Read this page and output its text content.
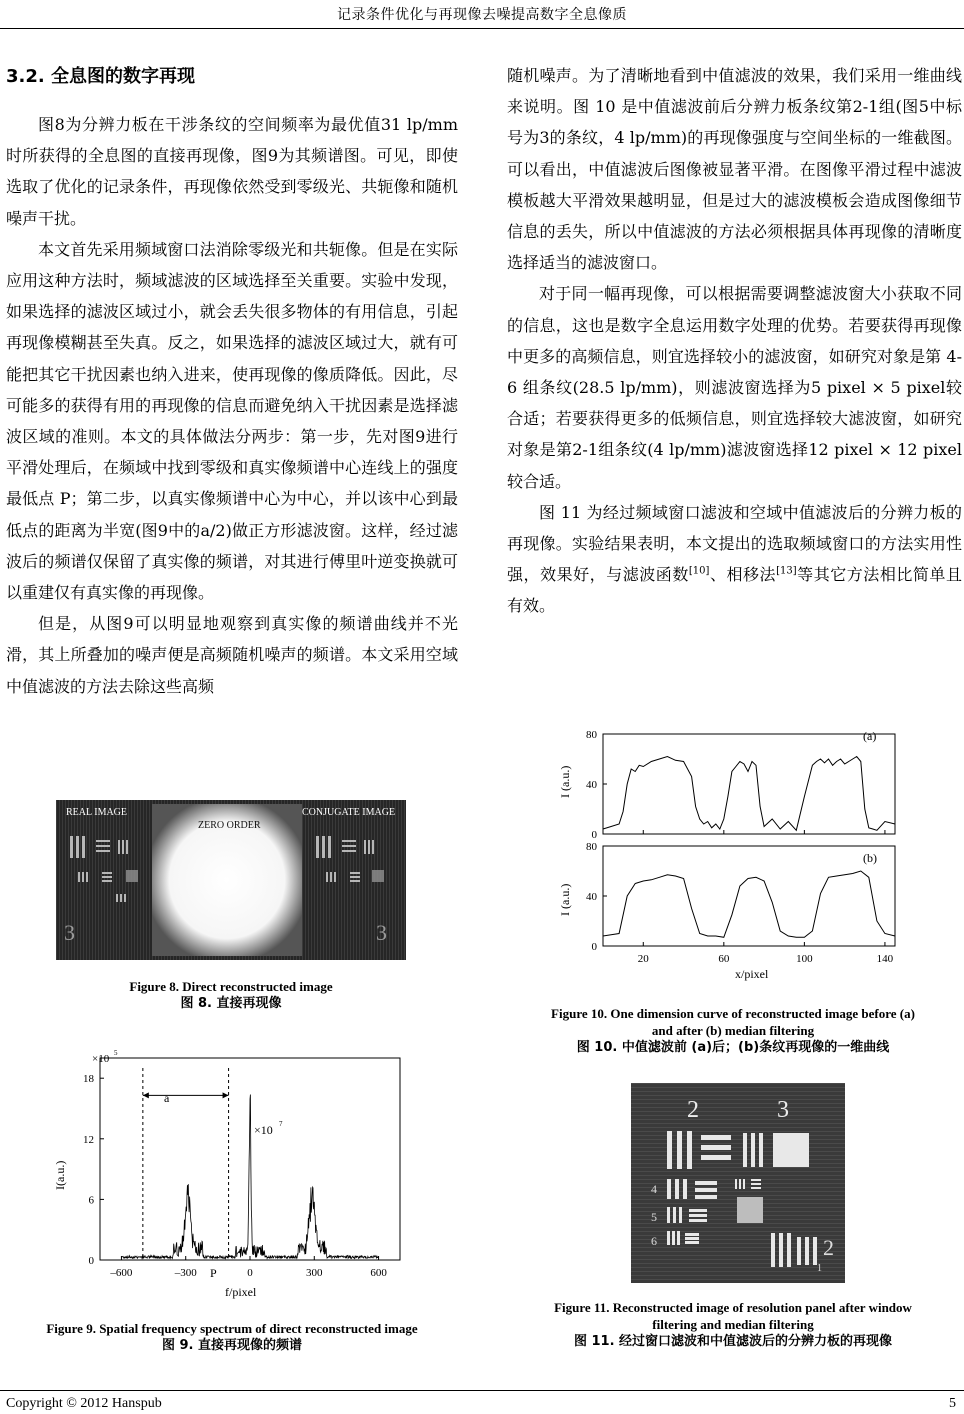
记录条件优化与再现像去噪提高数字全息像质
3.2. 全息图的数字再现

图8为分辨力板在干涉条纹的空间频率为最优值31 lp/mm时所获得的全息图的直接再现像，图9为其频谱图。可见，即使选取了优化的记录条件，再现像依然受到零级光、共轭像和随机噪声干扰。

本文首先采用频域窗口法消除零级光和共轭像。但是在实际应用这种方法时，频域滤波的区域选择至关重要。实验中发现，如果选择的滤波区域过小，就会丢失很多物体的有用信息，引起再现像模糊甚至失真。反之，如果选择的滤波区域过大，就有可能把其它干扰因素也纳入进来，使再现像的像质降低。因此，尽可能多的获得有用的再现像的信息而避免纳入干扰因素是选择滤波区域的准则。本文的具体做法分两步：第一步，先对图9进行平滑处理后，在频域中找到零级和真实像频谱中心连线上的强度最低点 P；第二步，以真实像频谱中心为中心，并以该中心到最低点的距离为半宽(图9中的a/2)做正方形滤波窗。这样，经过滤波后的频谱仅保留了真实像的频谱，对其进行傅里叶逆变换就可以重建仅有真实像的再现像。

但是，从图9可以明显地观察到真实像的频谱曲线并不光滑，其上所叠加的噪声便是高频随机噪声的频谱。本文采用空域中值滤波的方法去除这些高频

随机噪声。为了清晰地看到中值滤波的效果，我们采用一维曲线来说明。图 10 是中值滤波前后分辨力板条纹第2-1组(图5中标号为3的条纹，4 lp/mm)的再现像强度与空间坐标的一维截图。可以看出，中值滤波后图像被显著平滑。在图像平滑过程中滤波模板越大平滑效果越明显，但是过大的滤波模板会造成图像细节信息的丢失，所以中值滤波的方法必须根据具体再现像的清晰度选择适当的滤波窗口。

对于同一幅再现像，可以根据需要调整滤波窗大小获取不同的信息，这也是数字全息运用数字处理的优势。若要获得再现像中更多的高频信息，则宜选择较小的滤波窗，如研究对象是第 4-6 组条纹(28.5 lp/mm)，则滤波窗选择为5 pixel × 5 pixel较合适；若要获得更多的低频信息，则宜选择较大滤波窗，如研究对象是第2-1组条纹(4 lp/mm)滤波窗选择12 pixel × 12 pixel较合适。

图 11 为经过频域窗口滤波和空域中值滤波后的分辨力板的再现像。实验结果表明，本文提出的选取频域窗口的方法实用性强，效果好，与滤波函数[10]、相移法[13]等其它方法相比简单且有效。

3	3
REAL IMAGE
ZERO ORDER
CONJUGATE IMAGE
Figure 8. Direct reconstructed image
图 8. 直接再现像
×10 5
×10 7
a
P
f/pixel
I(a.u.)
–600	–300	0	300	600
0
6
12
18
Figure 9. Spatial frequency spectrum of direct reconstructed image
图 9. 直接再现像的频谱
(a)
(b)
I (a.u.)
I (a.u.)
x/pixel
0
40
80
0
40
80
20	60	100	140
Figure 10. One dimension curve of reconstructed image before (a)
and after (b) median filtering
图 10. 中值滤波前 (a)后；(b)条纹再现像的一维曲线
2	3
4
5
6	2
1
Figure 11. Reconstructed image of resolution panel after window
filtering and median filtering
图 11. 经过窗口滤波和中值滤波后的分辨力板的再现像
Copyright © 2012 Hanspub	5
